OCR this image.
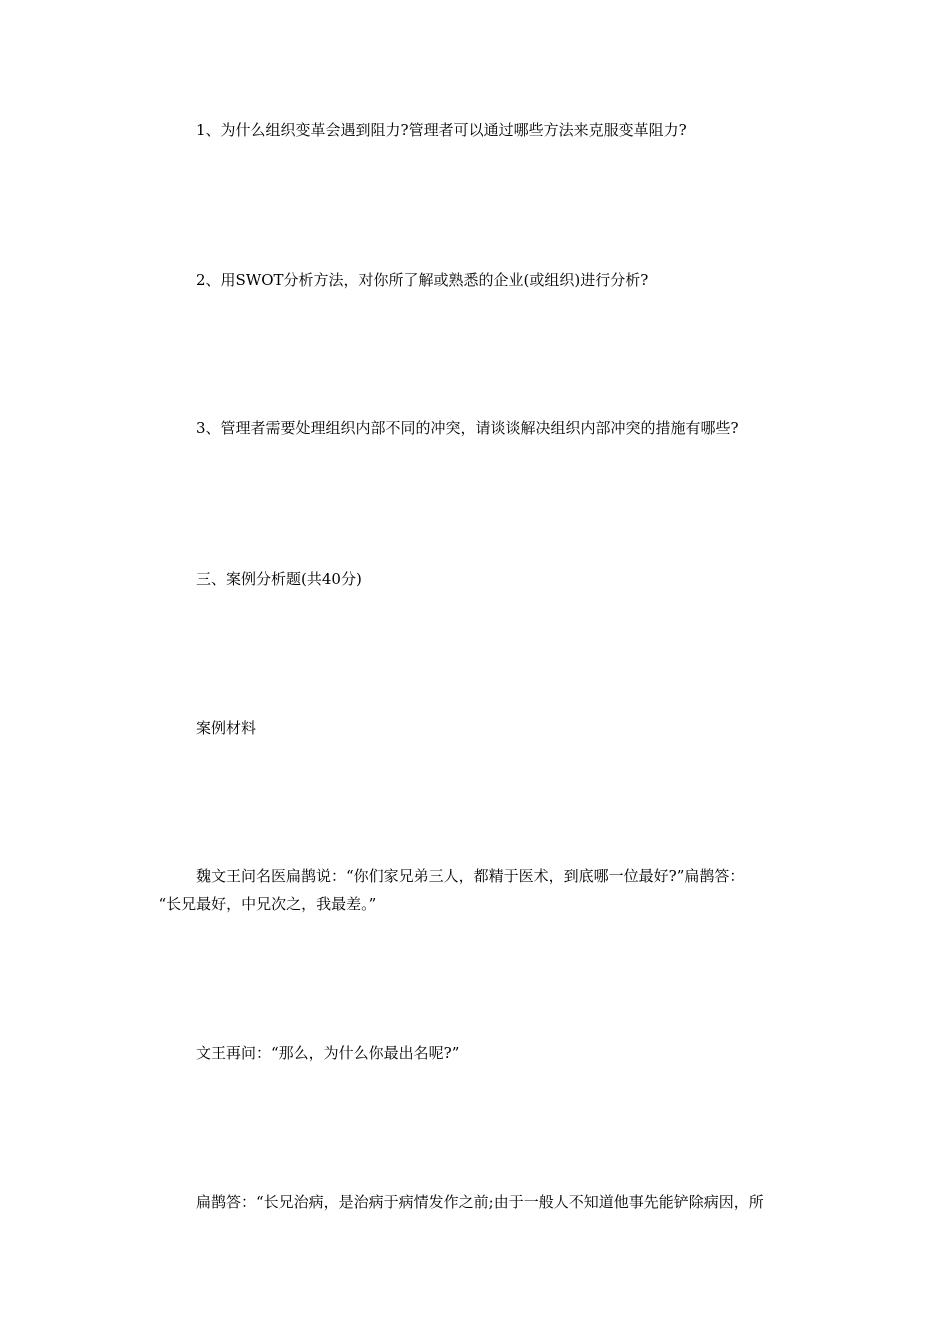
1、为什么组织变革会遇到阻力?管理者可以通过哪些方法来克服变革阻力?

2、用SWOT分析方法，对你所了解或熟悉的企业(或组织)进行分析?

3、管理者需要处理组织内部不同的冲突，请谈谈解决组织内部冲突的措施有哪些?

三、案例分析题(共40分)

案例材料

魏文王问名医扁鹊说：“你们家兄弟三人，都精于医术，到底哪一位最好?”扁鹊答：
“长兄最好，中兄次之，我最差。”

文王再问：“那么，为什么你最出名呢?”

扁鹊答：“长兄治病，是治病于病情发作之前;由于一般人不知道他事先能铲除病因，所
